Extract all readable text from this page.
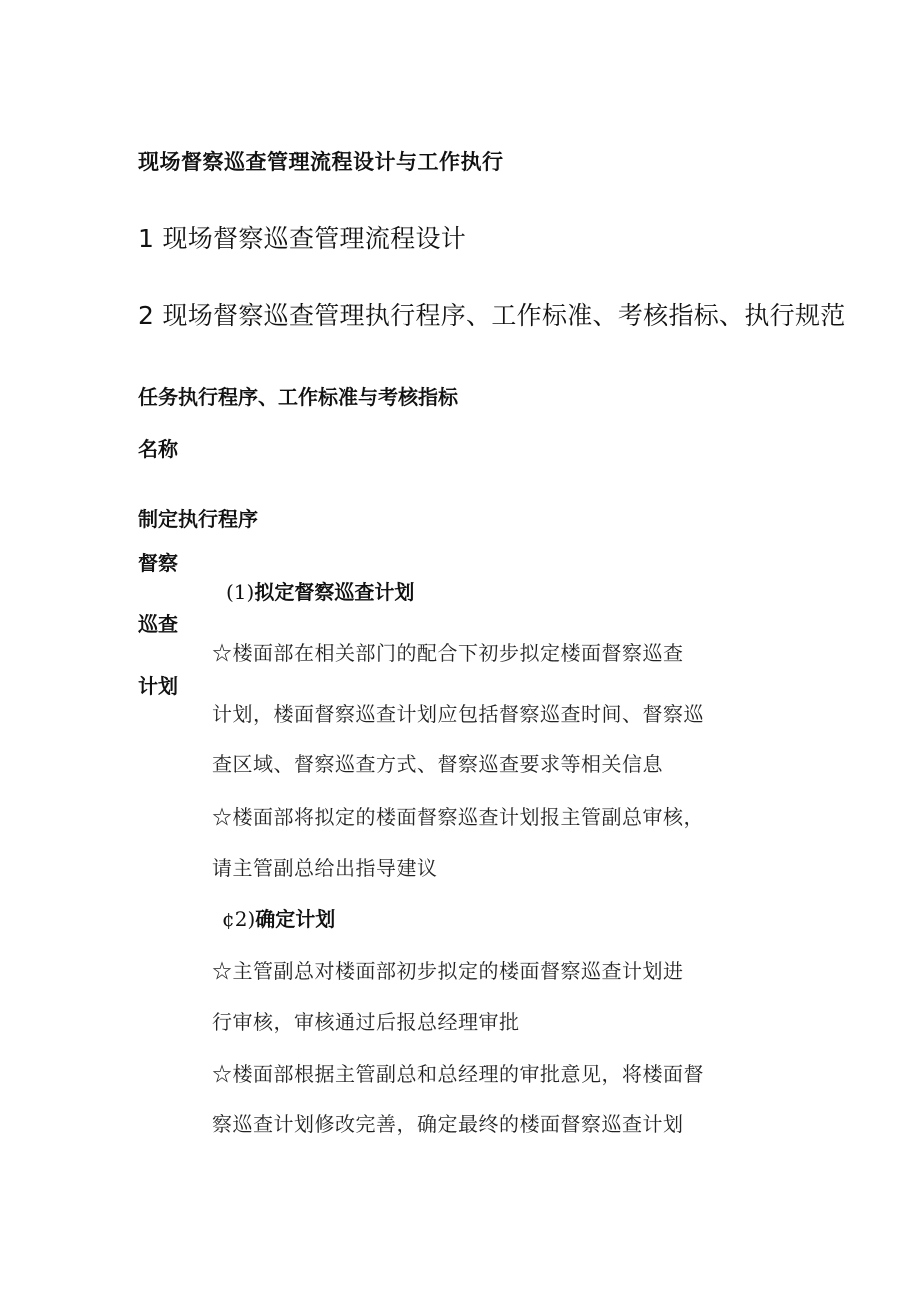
现场督察巡查管理流程设计与工作执行
1 现场督察巡查管理流程设计
2 现场督察巡查管理执行程序、工作标准、考核指标、执行规范
任务执行程序、工作标准与考核指标
名称
制定执行程序
督察
巡查
计划
(1)拟定督察巡查计划
☆楼面部在相关部门的配合下初步拟定楼面督察巡查
计划，楼面督察巡查计划应包括督察巡查时间、督察巡
查区域、督察巡查方式、督察巡查要求等相关信息
☆楼面部将拟定的楼面督察巡查计划报主管副总审核，
请主管副总给出指导建议
¢2)确定计划
☆主管副总对楼面部初步拟定的楼面督察巡查计划进
行审核，审核通过后报总经理审批
☆楼面部根据主管副总和总经理的审批意见，将楼面督
察巡查计划修改完善，确定最终的楼面督察巡查计划
